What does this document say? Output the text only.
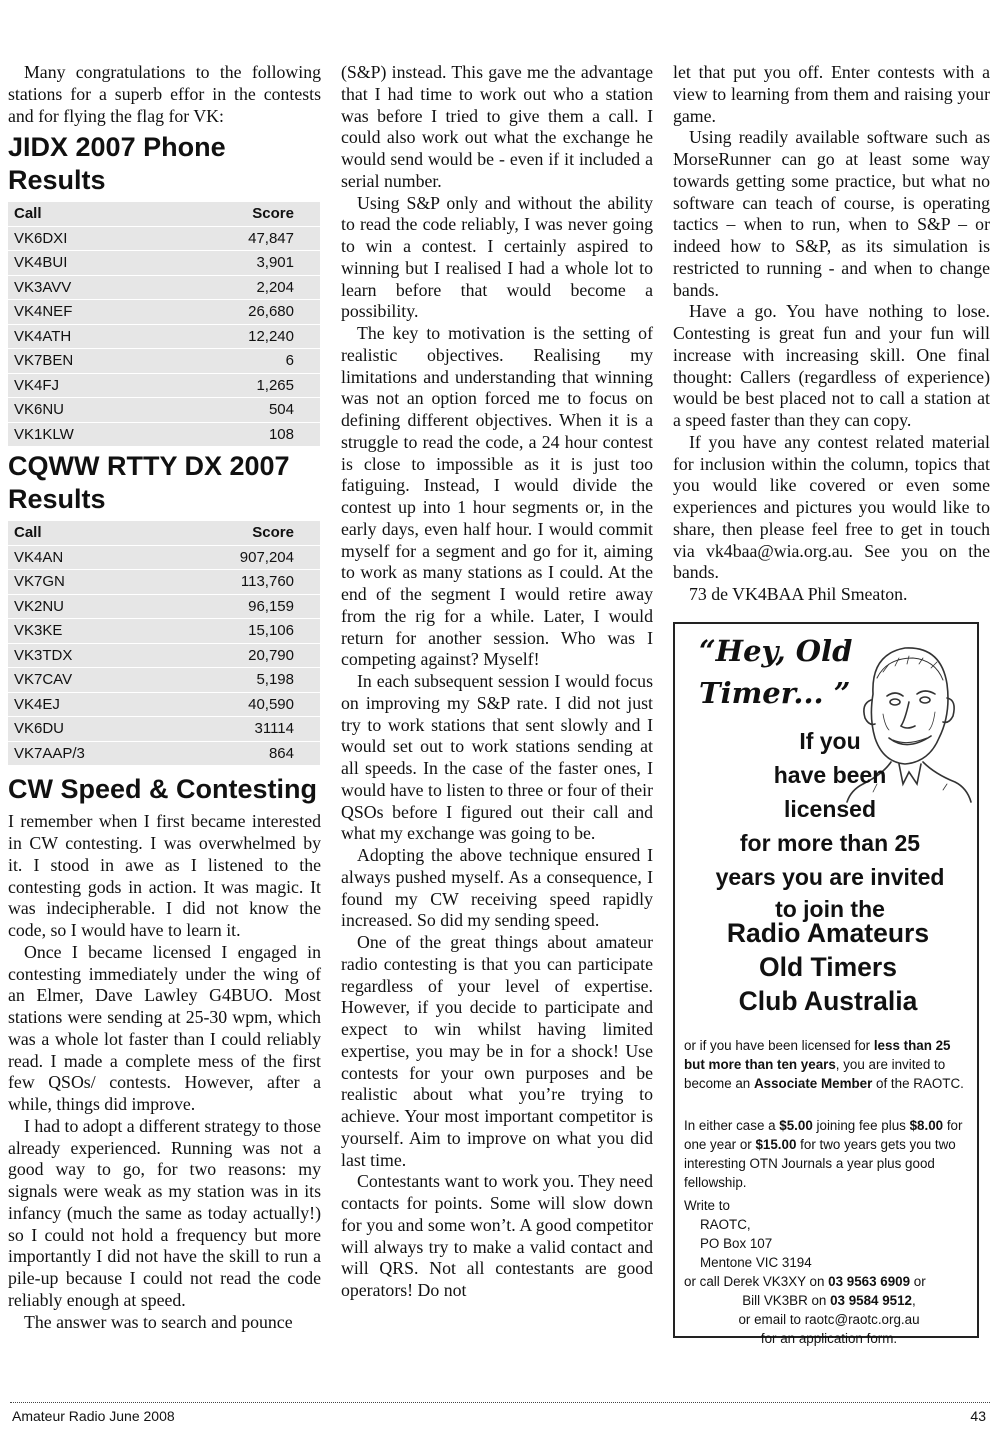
Many congratulations to the following stations for a superb effor in the contests and for flying the flag for VK:

JIDX 2007 Phone Results
Call	Score
VK6DXI	47,847
VK4BUI	3,901
VK3AVV	2,204
VK4NEF	26,680
VK4ATH	12,240
VK7BEN	6
VK4FJ	1,265
VK6NU	504
VK1KLW	108
CQWW RTTY DX 2007 Results
Call	Score
VK4AN	907,204
VK7GN	113,760
VK2NU	96,159
VK3KE	15,106
VK3TDX	20,790
VK7CAV	5,198
VK4EJ	40,590
VK6DU	31114
VK7AAP/3	864
CW Speed & Contesting

I remember when I first became interested in CW contesting. I was overwhelmed by it. I stood in awe as I listened to the contesting gods in action. It was magic. It was indecipherable. I did not know the code, so I would have to learn it.

Once I became licensed I engaged in contesting immediately under the wing of an Elmer, Dave Lawley G4BUO. Most stations were sending at 25-30 wpm, which was a whole lot faster than I could reliably read. I made a complete mess of the first few QSOs/ contests. However, after a while, things did improve.

I had to adopt a different strategy to those already experienced. Running was not a good way to go, for two reasons: my signals were weak as my station was in its infancy (much the same as today actually!) so I could not hold a frequency but more importantly I did not have the skill to run a pile-up because I could not read the code reliably enough at speed.

The answer was to search and pounce

(S&P) instead. This gave me the advantage that I had time to work out who a station was before I tried to give them a call. I could also work out what the exchange he would send would be - even if it included a serial number.

Using S&P only and without the ability to read the code reliably, I was never going to win a contest. I certainly aspired to winning but I realised I had a whole lot to learn before that would become a possibility.

The key to motivation is the setting of realistic objectives. Realising my limitations and understanding that winning was not an option forced me to focus on defining different objectives. When it is a struggle to read the code, a 24 hour contest is close to impossible as it is just too fatiguing. Instead, I would divide the contest up into 1 hour segments or, in the early days, even half hour. I would commit myself for a segment and go for it, aiming to work as many stations as I could. At the end of the segment I would retire away from the rig for a while. Later, I would return for another session. Who was I competing against? Myself!

In each subsequent session I would focus on improving my S&P rate. I did not just try to work stations that sent slowly and I would set out to work stations sending at all speeds. In the case of the faster ones, I would have to listen to three or four of their QSOs before I figured out their call and what my exchange was going to be.

Adopting the above technique ensured I always pushed myself. As a consequence, I found my CW receiving speed rapidly increased. So did my sending speed.

One of the great things about amateur radio contesting is that you can participate regardless of your level of expertise. However, if you decide to participate and expect to win whilst having limited expertise, you may be in for a shock! Use contests for your own purposes and be realistic about what you’re trying to achieve. Your most important competitor is yourself. Aim to improve on what you did last time.

Contestants want to work you. They need contacts for points. Some will slow down for you and some won’t. A good competitor will always try to make a valid contact and will QRS. Not all contestants are good operators! Do not

let that put you off. Enter contests with a view to learning from them and raising your game.

Using readily available software such as MorseRunner can go at least some way towards getting some practice, but what no software can teach of course, is operating tactics – when to run, when to S&P – or indeed how to S&P, as its simulation is restricted to running - and when to change bands.

Have a go. You have nothing to lose. Contesting is great fun and your fun will increase with increasing skill. One final thought: Callers (regardless of experience) would be best placed not to call a station at a speed faster than they can copy.

If you have any contest related material for inclusion within the column, topics that you would like covered or even some experiences and pictures you would like to share, then please feel free to get in touch via vk4baa@wia.org.au. See you on the bands.

73 de VK4BAA Phil Smeaton.

“Hey, Old Timer... ”
If you
have been
licensed
for more than 25
years you are invited
to join the
Radio Amateurs
Old Timers
Club Australia
or if you have been licensed for less than 25 but more than ten years, you are invited to become an Associate Member of the RAOTC.
In either case a $5.00 joining fee plus $8.00 for one year or $15.00 for two years gets you two interesting OTN Journals a year plus good fellowship.
Write to
RAOTC,
PO Box 107
Mentone VIC 3194
or call Derek VK3XY on 03 9563 6909 or
Bill VK3BR on 03 9584 9512,
or email to raotc@raotc.org.au
for an application form.
Amateur Radio June 2008	43
